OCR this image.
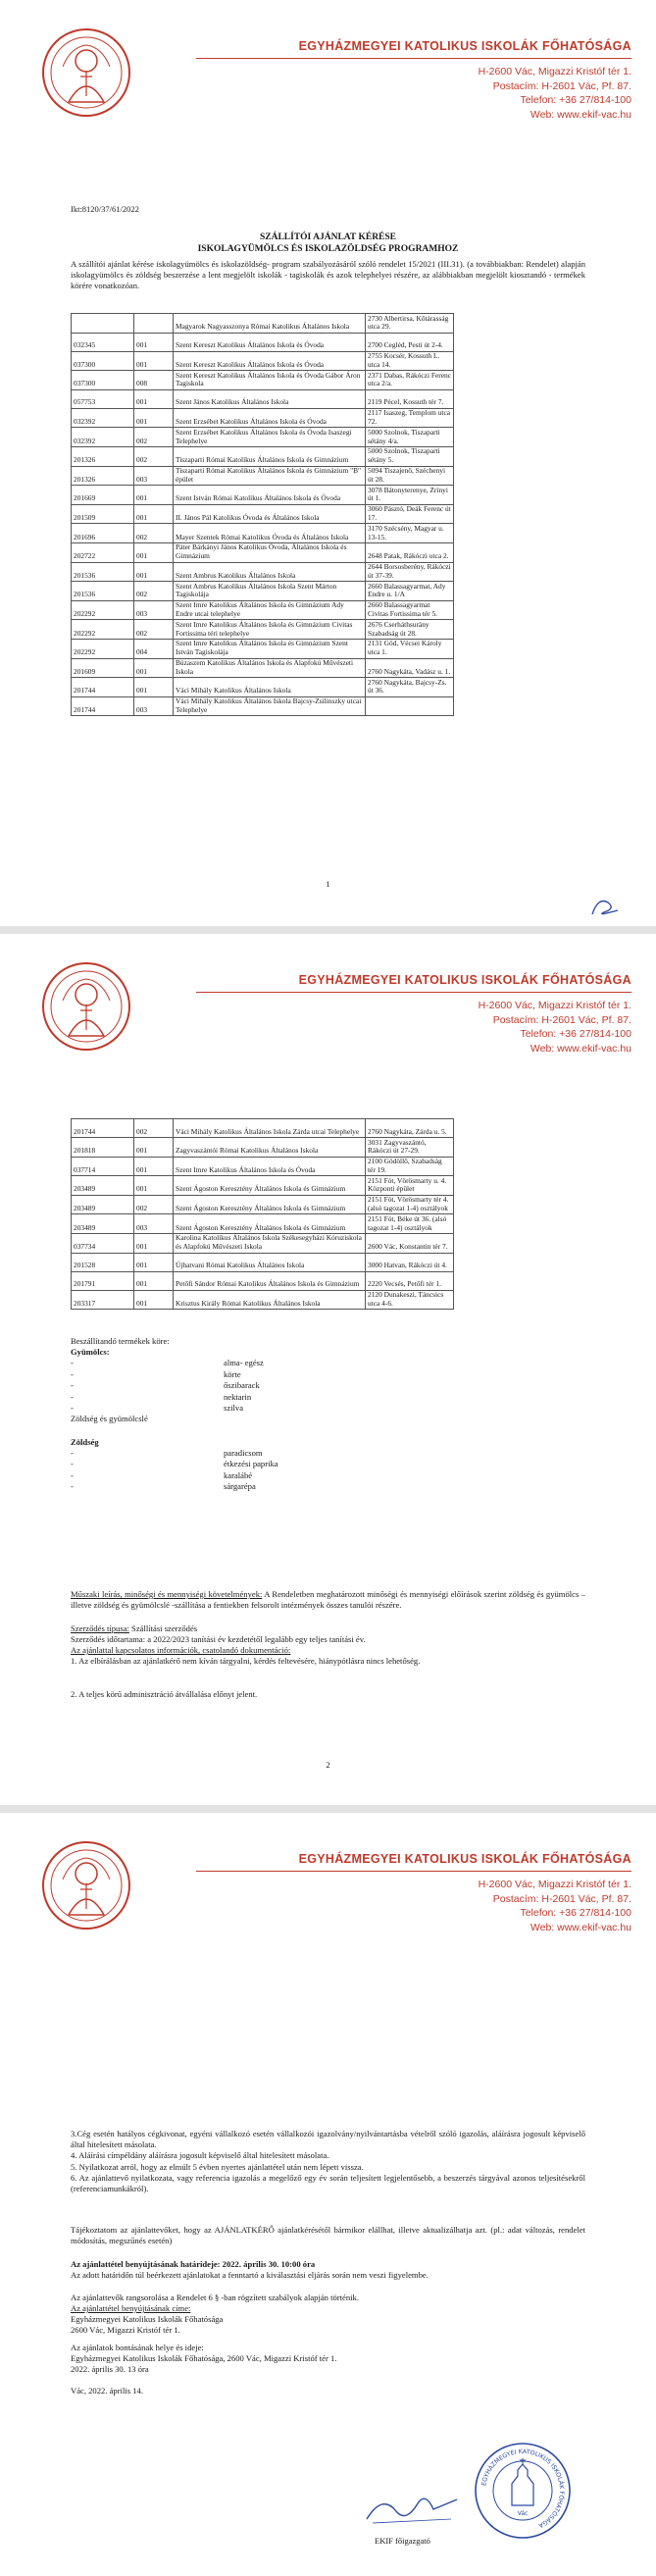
EGYHÁZMEGYEI KATOLIKUS ISKOLÁK FŐHATÓSÁGA
H-2600 Vác, Migazzi Kristóf tér 1.
Postacím: H-2601 Vác, Pf. 87.
Telefon: +36 27/814-100
Web: www.ekif-vac.hu
Ikt:8120/37/61/2022
SZÁLLÍTÓI AJÁNLAT KÉRÉSE
ISKOLAGYÜMÖLCS ÉS ISKOLAZÖLDSÉG PROGRAMHOZ
A szállítói ajánlat kérése iskolagyümölcs és iskolazöldség- program szabályozásáról szóló rendelet 15/2021 (III.31). (a továbbiakban: Rendelet) alapján iskolagyümölcs és zöldség beszerzése a lent megjelölt iskolák - tagiskolák és azok telephelyei részére, az alábbiakban megjelölt kiosztandó - termékek körére vonatkozóan.
		Magyarok Nagyasszonya Római Katolikus Általános Iskola	2730 Albertirsa, Kőtárasság utca 29.
032345	001	Szent Kereszt Katolikus Általános Iskola és Óvoda	2700 Cegléd, Pesti út 2-4.
037300	001	Szent Kereszt Katolikus Általános Iskola és Óvoda	2755 Kocsér, Kossuth L. utca 14.
037300	008	Szent Kereszt Katolikus Általános Iskola és Óvoda Gábor Áron Tagiskola	2371 Dabas, Rákóczi Ferenc utca 2/a.
057753	001	Szent János Katolikus Általános Iskola	2119 Pécel, Kossuth tér 7.
032392	001	Szent Erzsébet Katolikus Általános Iskola és Óvoda	2117 Isaszeg, Templom utca 72.
032392	002	Szent Erzsébet Katolikus Általános Iskola és Óvoda Isaszegi Telephelye	5000 Szolnok, Tiszaparti sétány 4/a.
201326	002	Tiszaparti Római Katolikus Általános Iskola és Gimnázium	5000 Szolnok, Tiszaparti sétány 5.
201326	003	Tiszaparti Római Katolikus Általános Iskola és Gimnázium "B" épület	5094 Tiszajenő, Széchenyi út 28.
201669	001	Szent István Római Katolikus Általános Iskola és Óvoda	3078 Bátonyterenye, Zrínyi út 1.
201509	001	II. János Pál Katolikus Óvoda és Általános Iskola	3060 Pásztó, Deák Ferenc út 17.
201696	002	Mayer Szentek Római Katolikus Óvoda és Általános Iskola	3170 Szécsény, Magyar u. 13-15.
202722	001	Páter Bárkányi János Katolikus Óvoda, Általános Iskola és Gimnázium	2648 Patak, Rákóczi utca 2.
201536	001	Szent Ambrus Katolikus Általános Iskola	2644 Borsosberény, Rákóczi út 37-39.
201536	002	Szent Ambrus Katolikus Általános Iskola Szent Márton Tagiskolája	2660 Balassagyarmat, Ady Endre u. 1/A
202292	003	Szent Imre Katolikus Általános Iskola és Gimnázium Ady Endre utcai telephelye	2660 Balassagyarmat Civitas Fortissima tér 5.
202292	002	Szent Imre Katolikus Általános Iskola és Gimnázium Civitas Fortissima téri telephelye	2676 Cserháthsurány Szabadság út 28.
202292	004	Szent Imre Katolikus Általános Iskola és Gimnázium Szent István Tagiskolája	2131 Göd, Vécsei Károly utca 1.
201609	001	Búzaszem Katolikus Általános Iskola és Alapfokú Művészeti Iskola	2760 Nagykáta, Vadász u. 1.
201744	001	Váci Mihály Katolikus Általános Iskola	2760 Nagykáta, Bajcsy-Zs. út 36.
201744	003	Váci Mihály Katolikus Általános Iskola Bajcsy-Zsilinszky utcai Telephelye	
1
EGYHÁZMEGYEI KATOLIKUS ISKOLÁK FŐHATÓSÁGA
H-2600 Vác, Migazzi Kristóf tér 1.
Postacím: H-2601 Vác, Pf. 87.
Telefon: +36 27/814-100
Web: www.ekif-vac.hu
201744	002	Váci Mihály Katolikus Általános Iskola Zárda utcai Telephelye	2760 Nagykáta, Zárda u. 5.
201818	001	Zagyvaszántói Római Katolikus Általános Iskola	3031 Zagyvaszántó, Rákóczi út 27-29.
037714	001	Szent Imre Katolikus Általános Iskola és Óvoda	2100 Gödöllő, Szabadság tér 19.
203489	001	Szent Ágoston Keresztény Általános Iskola és Gimnázium	2151 Fót, Vörösmarty u. 4. Központi épület
203489	002	Szent Ágoston Keresztény Általános Iskola és Gimnázium	2151 Fót, Vörösmarty tér 4. (alsó tagozat 1-4) osztályok
203489	003	Szent Ágoston Keresztény Általános Iskola és Gimnázium	2151 Fót, Béke út 36. (alsó tagozat 1-4) osztályok
037734	001	Karolina Katolikus Általános Iskola Székesegyházi Kóruziskola és Alapfokú Művészeti Iskola	2600 Vác, Konstantin tér 7.
201528	001	Újhatvani Római Katolikus Általános Iskola	3000 Hatvan, Rákóczi út 4.
201791	001	Petőfi Sándor Római Katolikus Általános Iskola és Gimnázium	2220 Vecsés, Petőfi tér 1.
203317	001	Krisztus Király Római Katolikus Általános Iskola	2120 Dunakeszi, Táncsics utca 4-6.
Beszállítandó termékek köre:
Gyümölcs:
-	alma- egész
-	körte
-	őszibarack
-	nektarin
-	szilva
Zöldség és gyümölcslé
Zöldség
-	paradicsom
-	étkezési paprika
-	karalábé
-	sárgarépa
Műszaki leírás, minőségi és mennyiségi követelmények: A Rendeletben meghatározott minőségi és mennyiségi előírások szerint zöldség és gyümölcs – illetve zöldség és gyümölcslé -szállítása a fentiekben felsorolt intézmények összes tanulói részére.
Szerződés típusa: Szállítási szerződés
Szerződés időtartama: a 2022/2023 tanítási év kezdetétől legalább egy teljes tanítási év.
Az ajánlattal kapcsolatos információk, csatolandó dokumentáció:
1. Az elbírálásban az ajánlatkérő nem kíván tárgyalni, kérdés feltevésére, hiánypótlásra nincs lehetőség.
2. A teljes körű adminisztráció átvállalása előnyt jelent.
2
EGYHÁZMEGYEI KATOLIKUS ISKOLÁK FŐHATÓSÁGA
H-2600 Vác, Migazzi Kristóf tér 1.
Postacím: H-2601 Vác, Pf. 87.
Telefon: +36 27/814-100
Web: www.ekif-vac.hu

3.Cég esetén hatályos cégkivonat, egyéni vállalkozó esetén vállalkozói igazolvány/nyilvántartásba vételről szóló igazolás, aláírásra jogosult képviselő által hitelesített másolata.

4. Aláírási címpéldány aláírásra jogosult képviselő által hitelesített másolata.

5. Nyilatkozat arról, hogy az elmúlt 5 évben nyertes ajánlattétel után nem lépett vissza.

6. Az ajánlattevő nyilatkozata, vagy referencia igazolás a megelőző egy év során teljesített legjelentősebb, a beszerzés tárgyával azonos teljesítésekről (referenciamunkákról).

Tájékoztatom az ajánlattevőket, hogy az AJÁNLATKÉRŐ ajánlatkérésétől bármikor elállhat, illetve aktualizálhatja azt. (pl.: adat változás, rendelet módosítás, megszűnés esetén)
Az ajánlattétel benyújtásának határideje: 2022. április 30. 10:00 óra
Az adott határidőn túl beérkezett ajánlatokat a fenntartó a kiválasztási eljárás során nem veszi figyelembe.
Az ajánlattevők rangsorolása a Rendelet 6 § -ban rögzített szabályok alapján történik.
Az ajánlattétel benyújtásának címe:
Egyházmegyei Katolikus Iskolák Főhatósága
2600 Vác, Migazzi Kristóf tér 1.
Az ajánlatok bontásának helye és ideje:
Egyházmegyei Katolikus Iskolák Főhatósága, 2600 Vác, Migazzi Kristóf tér 1.
2022. április 30. 13 óra
Vác, 2022. április 14.
EKIF főigazgató
EGYHÁZMEGYEI KATOLIKUS ISKOLÁK FŐHATÓSÁGA
Vác
